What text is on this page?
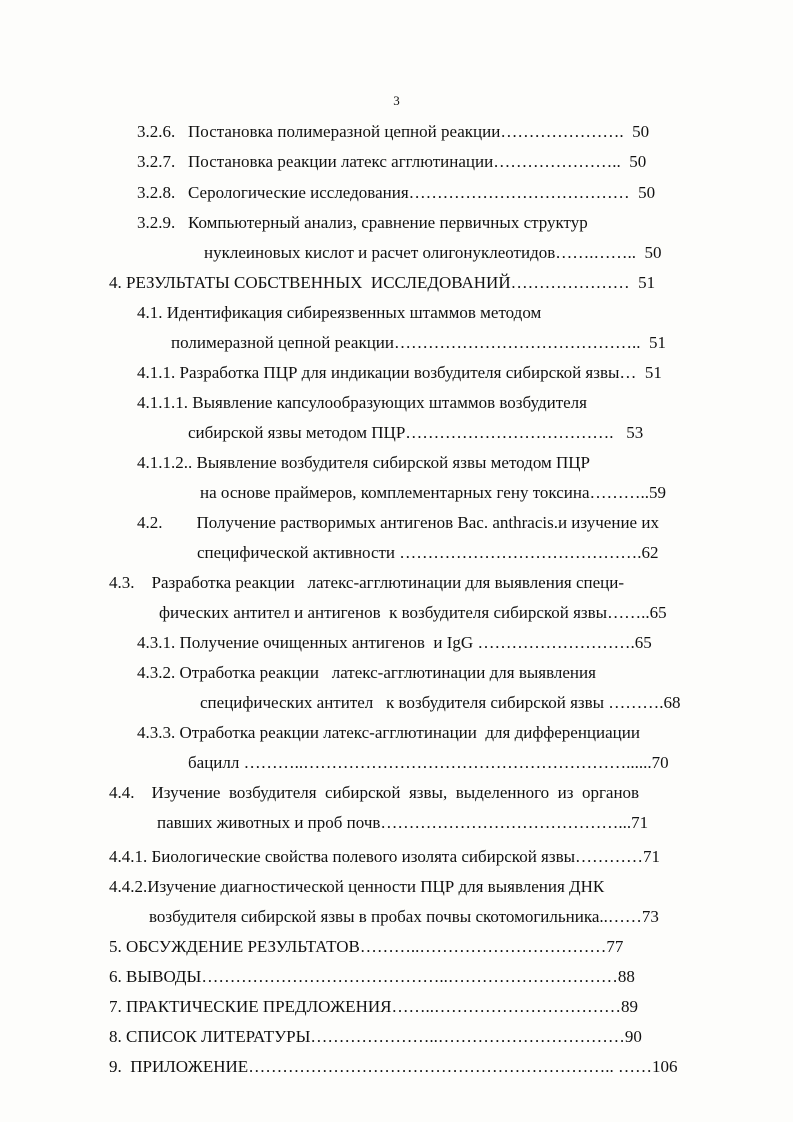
3
3.2.6.   Постановка полимеразной цепной реакции………………….  50
3.2.7.   Постановка реакции латекс агглютинации…………………..  50
3.2.8.   Серологические исследования…………………………………  50
3.2.9.   Компьютерный анализ, сравнение первичных структур
нуклеиновых кислот и расчет олигонуклеотидов…….……..  50
4. РЕЗУЛЬТАТЫ СОБСТВЕННЫХ  ИССЛЕДОВАНИЙ…………………  51
4.1. Идентификация сибиреязвенных штаммов методом
полимеразной цепной реакции……………………………………..  51
4.1.1. Разработка ПЦР для индикации возбудителя сибирской язвы…  51
4.1.1.1. Выявление капсулообразующих штаммов возбудителя
сибирской язвы методом ПЦР……………………………….   53
4.1.1.2.. Выявление возбудителя сибирской язвы методом ПЦР
на основе праймеров, комплементарных гену токсина………..59
4.2.        Получение растворимых антигенов Bac. anthracis.и изучение их
специфической активности …………………………………….62
4.3.    Разработка реакции   латекс-агглютинации для выявления специ-
фических антител и антигенов  к возбудителя сибирской язвы……..65
4.3.1. Получение очищенных антигенов  и IgG ……………………….65
4.3.2. Отработка реакции   латекс-агглютинации для выявления
специфических антител   к возбудителя сибирской язвы ……….68
4.3.3. Отработка реакции латекс-агглютинации  для дифференциации
бацилл ………..…………………………………………………......70
4.4.    Изучение  возбудителя  сибирской  язвы,  выделенного  из  органов
павших животных и проб почв……………………………………...71
4.4.1. Биологические свойства полевого изолята сибирской язвы…………71
4.4.2.Изучение диагностической ценности ПЦР для выявления ДНК
возбудителя сибирской язвы в пробах почвы скотомогильника..……73
5. ОБСУЖДЕНИЕ РЕЗУЛЬТАТОВ………..……………………………77
6. ВЫВОДЫ……………………………………..…………………………88
7. ПРАКТИЧЕСКИЕ ПРЕДЛОЖЕНИЯ……..……………………………89
8. СПИСОК ЛИТЕРАТУРЫ…………………..……………………………90
9.  ПРИЛОЖЕНИЕ……………………………………………………….. ……106
